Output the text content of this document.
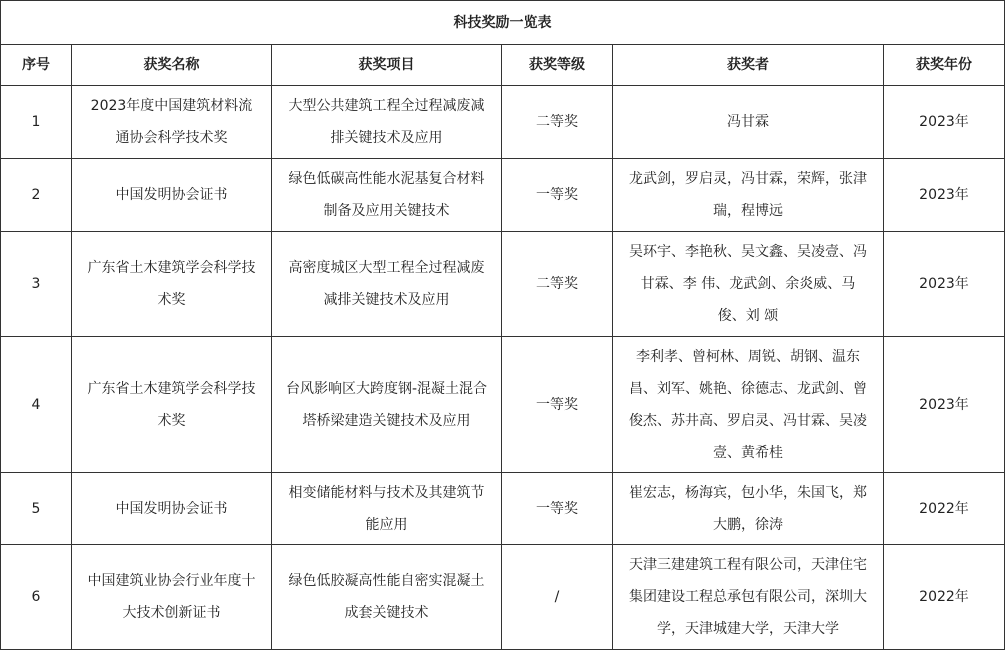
科技奖励一览表					
序号	获奖名称	获奖项目	获奖等级	获奖者	获奖年份
1	2023年度中国建筑材料流通协会科学技术奖	大型公共建筑工程全过程减废减排关键技术及应用	二等奖	冯甘霖	2023年
2	中国发明协会证书	绿色低碳高性能水泥基复合材料制备及应用关键技术	一等奖	龙武剑，罗启灵，冯甘霖，荣辉，张津瑞，程博远	2023年
3	广东省土木建筑学会科学技术奖	高密度城区大型工程全过程减废减排关键技术及应用	二等奖	吴环宇、李艳秋、吴文鑫、吴凌壹、冯甘霖、李 伟、龙武剑、余炎威、马 俊、刘 颂	2023年
4	广东省土木建筑学会科学技术奖	台风影响区大跨度钢-混凝土混合塔桥梁建造关键技术及应用	一等奖	李利孝、曾柯林、周锐、胡钢、温东昌、刘军、姚艳、徐德志、龙武剑、曾俊杰、苏井高、罗启灵、冯甘霖、吴凌壹、黄希桂	2023年
5	中国发明协会证书	相变储能材料与技术及其建筑节能应用	一等奖	崔宏志，杨海宾，包小华，朱国飞，郑大鹏，徐涛	2022年
6	中国建筑业协会行业年度十大技术创新证书	绿色低胶凝高性能自密实混凝土成套关键技术	/	天津三建建筑工程有限公司，天津住宅集团建设工程总承包有限公司，深圳大学，天津城建大学，天津大学	2022年
